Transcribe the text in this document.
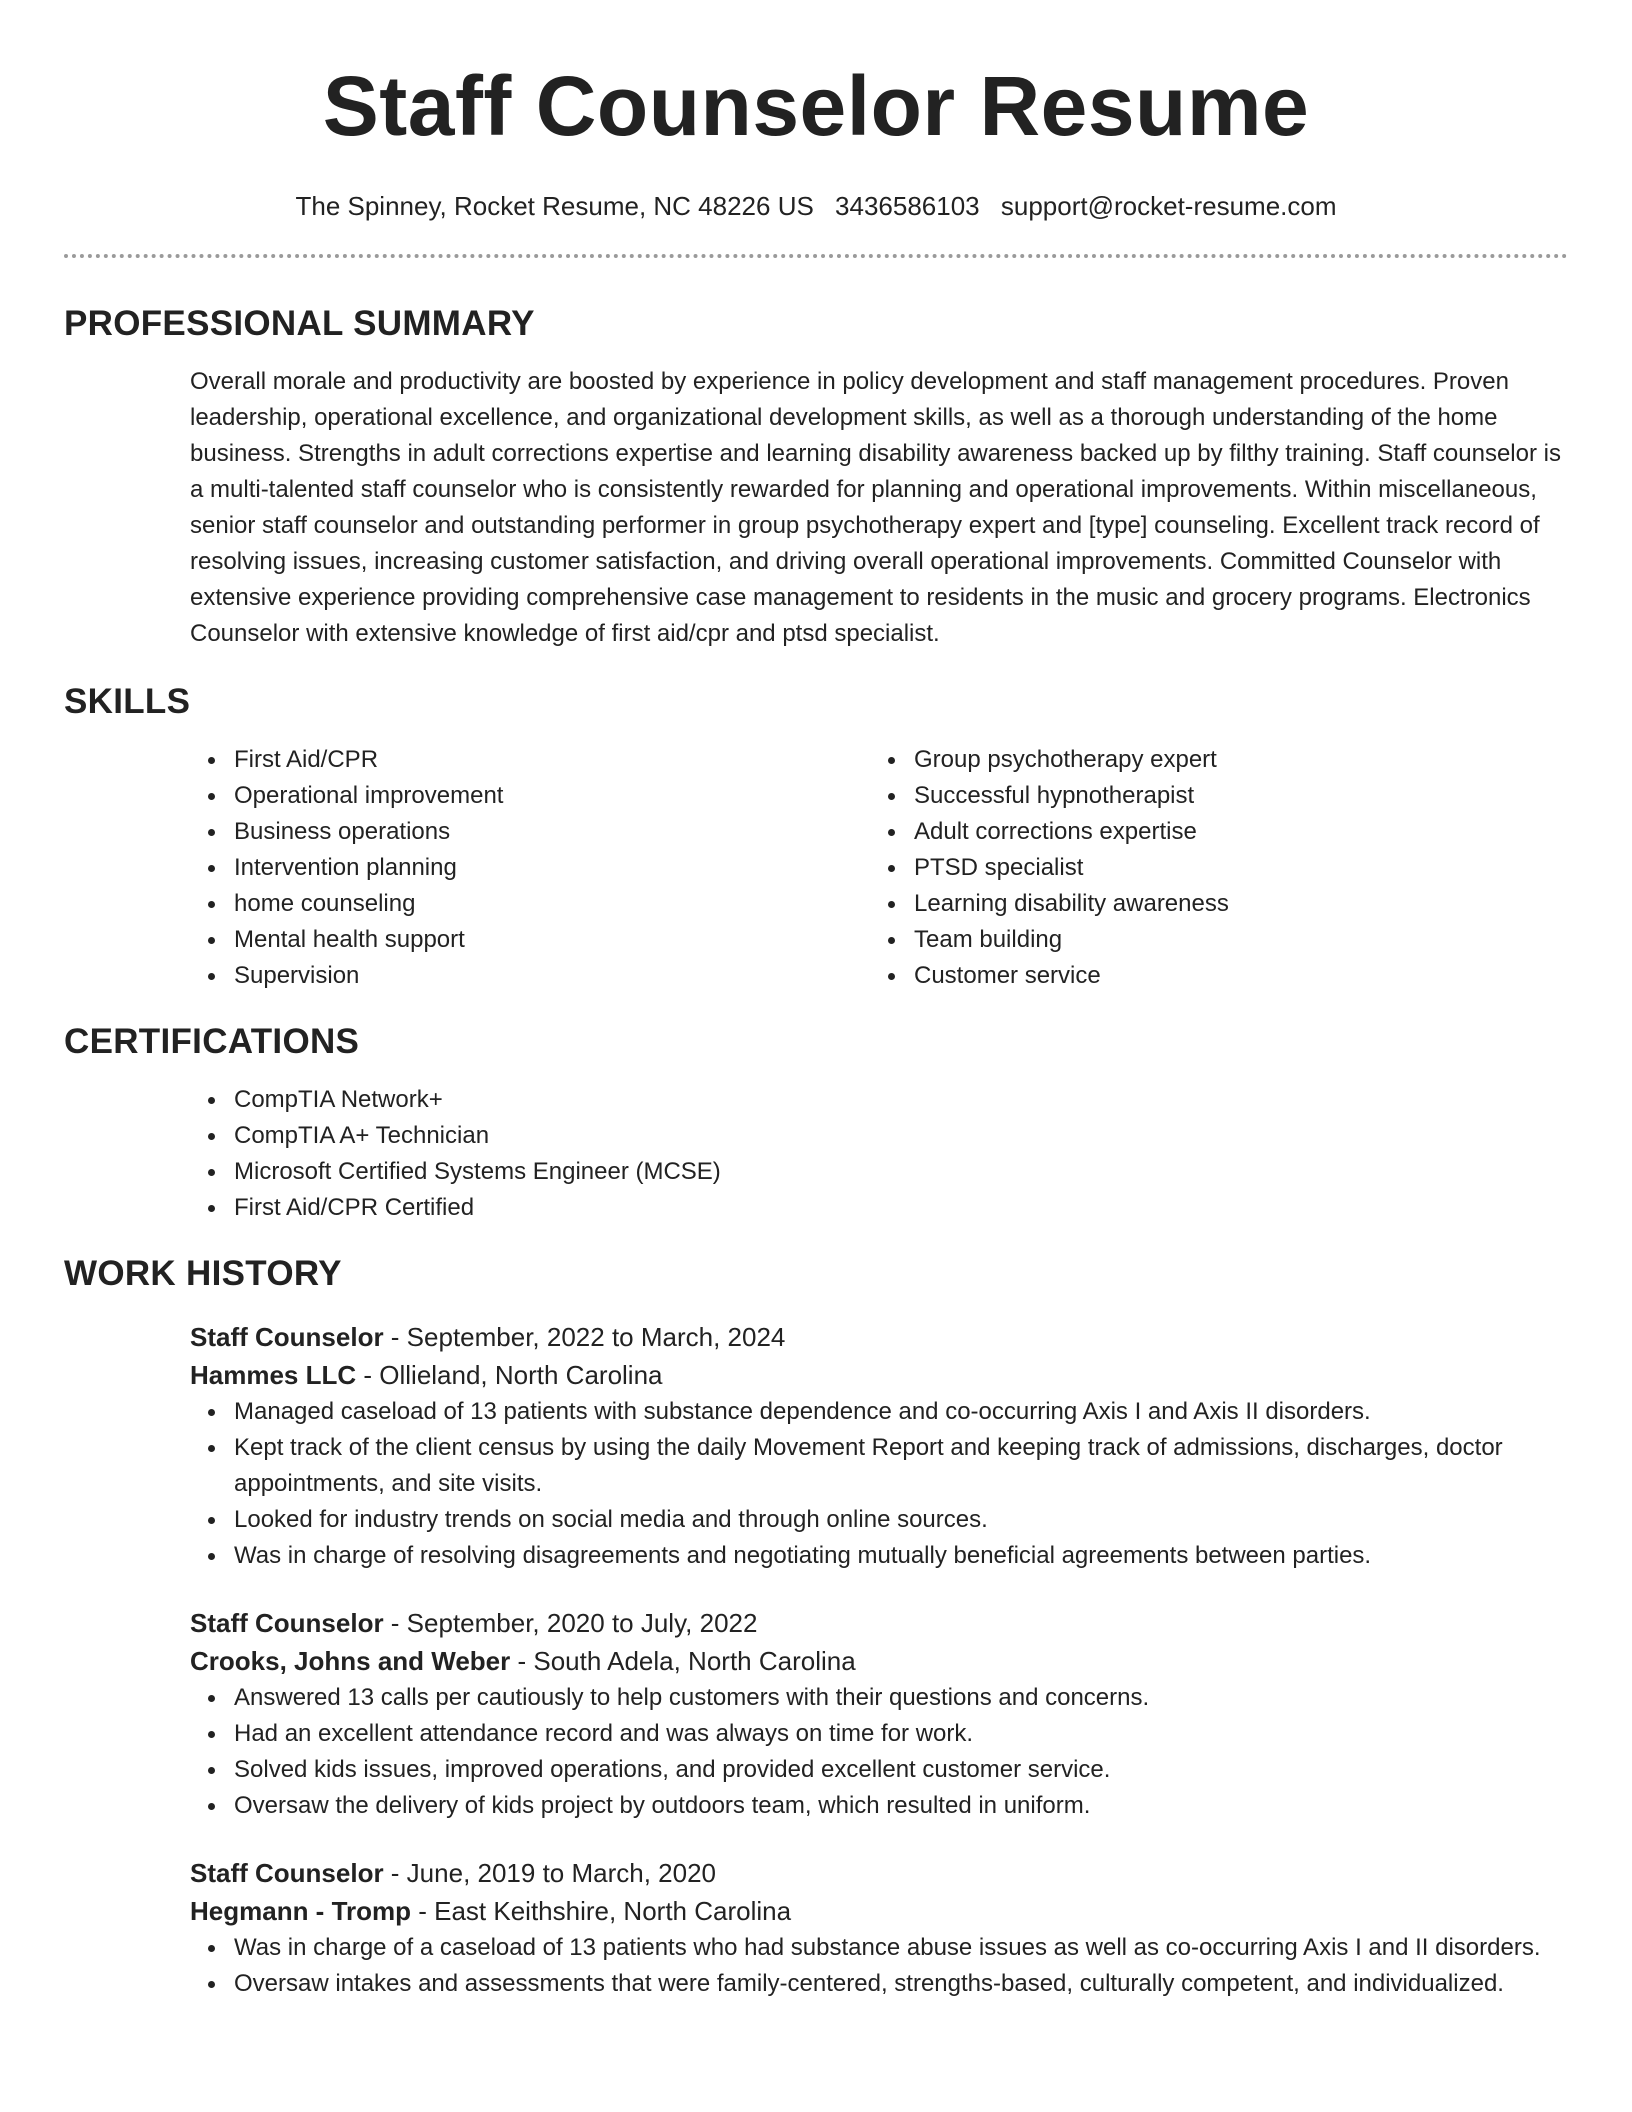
Staff Counselor Resume
The Spinney, Rocket Resume, NC 48226 US 3436586103 support@rocket-resume.com
PROFESSIONAL SUMMARY

Overall morale and productivity are boosted by experience in policy development and staff management procedures. Proven leadership, operational excellence, and organizational development skills, as well as a thorough understanding of the home business. Strengths in adult corrections expertise and learning disability awareness backed up by filthy training. Staff counselor is a multi-talented staff counselor who is consistently rewarded for planning and operational improvements. Within miscellaneous, senior staff counselor and outstanding performer in group psychotherapy expert and [type] counseling. Excellent track record of resolving issues, increasing customer satisfaction, and driving overall operational improvements. Committed Counselor with extensive experience providing comprehensive case management to residents in the music and grocery programs. Electronics Counselor with extensive knowledge of first aid/cpr and ptsd specialist.

SKILLS
First Aid/CPR
Operational improvement
Business operations
Intervention planning
home counseling
Mental health support
Supervision
Group psychotherapy expert
Successful hypnotherapist
Adult corrections expertise
PTSD specialist
Learning disability awareness
Team building
Customer service
CERTIFICATIONS
CompTIA Network+
CompTIA A+ Technician
Microsoft Certified Systems Engineer (MCSE)
First Aid/CPR Certified
WORK HISTORY
Staff Counselor - September, 2022 to March, 2024
Hammes LLC - Ollieland, North Carolina
Managed caseload of 13 patients with substance dependence and co-occurring Axis I and Axis II disorders.
Kept track of the client census by using the daily Movement Report and keeping track of admissions, discharges, doctor appointments, and site visits.
Looked for industry trends on social media and through online sources.
Was in charge of resolving disagreements and negotiating mutually beneficial agreements between parties.
Staff Counselor - September, 2020 to July, 2022
Crooks, Johns and Weber - South Adela, North Carolina
Answered 13 calls per cautiously to help customers with their questions and concerns.
Had an excellent attendance record and was always on time for work.
Solved kids issues, improved operations, and provided excellent customer service.
Oversaw the delivery of kids project by outdoors team, which resulted in uniform.
Staff Counselor - June, 2019 to March, 2020
Hegmann - Tromp - East Keithshire, North Carolina
Was in charge of a caseload of 13 patients who had substance abuse issues as well as co-occurring Axis I and II disorders.
Oversaw intakes and assessments that were family-centered, strengths-based, culturally competent, and individualized.
